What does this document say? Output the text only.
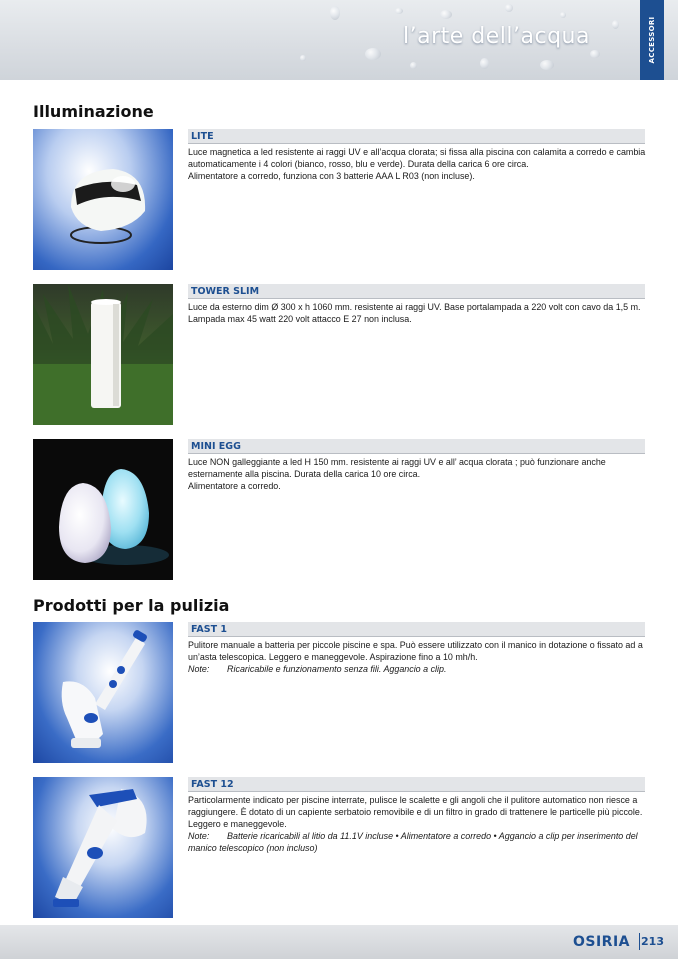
l’arte dell’acqua	ACCESSORI
Illuminazione
LITE

Luce magnetica a led resistente ai raggi UV e all’acqua clorata; si fissa alla piscina con calamita a corredo e cambia automaticamente i 4 colori (bianco, rosso, blu e verde). Durata della carica 6 ore circa.

Alimentatore a corredo, funziona con 3 batterie AAA L R03 (non incluse).

TOWER SLIM

Luce da esterno dim Ø 300 x h 1060 mm. resistente ai raggi UV. Base portalampada a 220 volt con cavo da 1,5 m. Lampada max 45 watt 220 volt attacco E 27 non inclusa.

MINI EGG

Luce NON galleggiante a led H 150 mm. resistente ai raggi UV e all’ acqua clorata ; può funzionare anche esternamente alla piscina. Durata della carica 10 ore circa.

Alimentatore a corredo.

Prodotti per la pulizia
FAST 1

Pulitore manuale a batteria per piccole piscine e spa. Può essere utilizzato con il manico in dotazione o fissato ad a un’asta telescopica. Leggero e maneggevole. Aspirazione fino a 10 mh/h.

Note: Ricaricabile e funzionamento senza fili. Aggancio a clip.

FAST 12

Particolarmente indicato per piscine interrate, pulisce le scalette e gli angoli che il pulitore automatico non riesce a raggiungere. È dotato di un capiente serbatoio removibile e di un filtro in grado di trattenere le particelle più piccole.

Leggero e maneggevole.

Note: Batterie ricaricabili al litio da 11.1V incluse • Alimentatore a corredo • Aggancio a clip per inserimento del manico telescopico (non incluso)

OSIRIA 213
